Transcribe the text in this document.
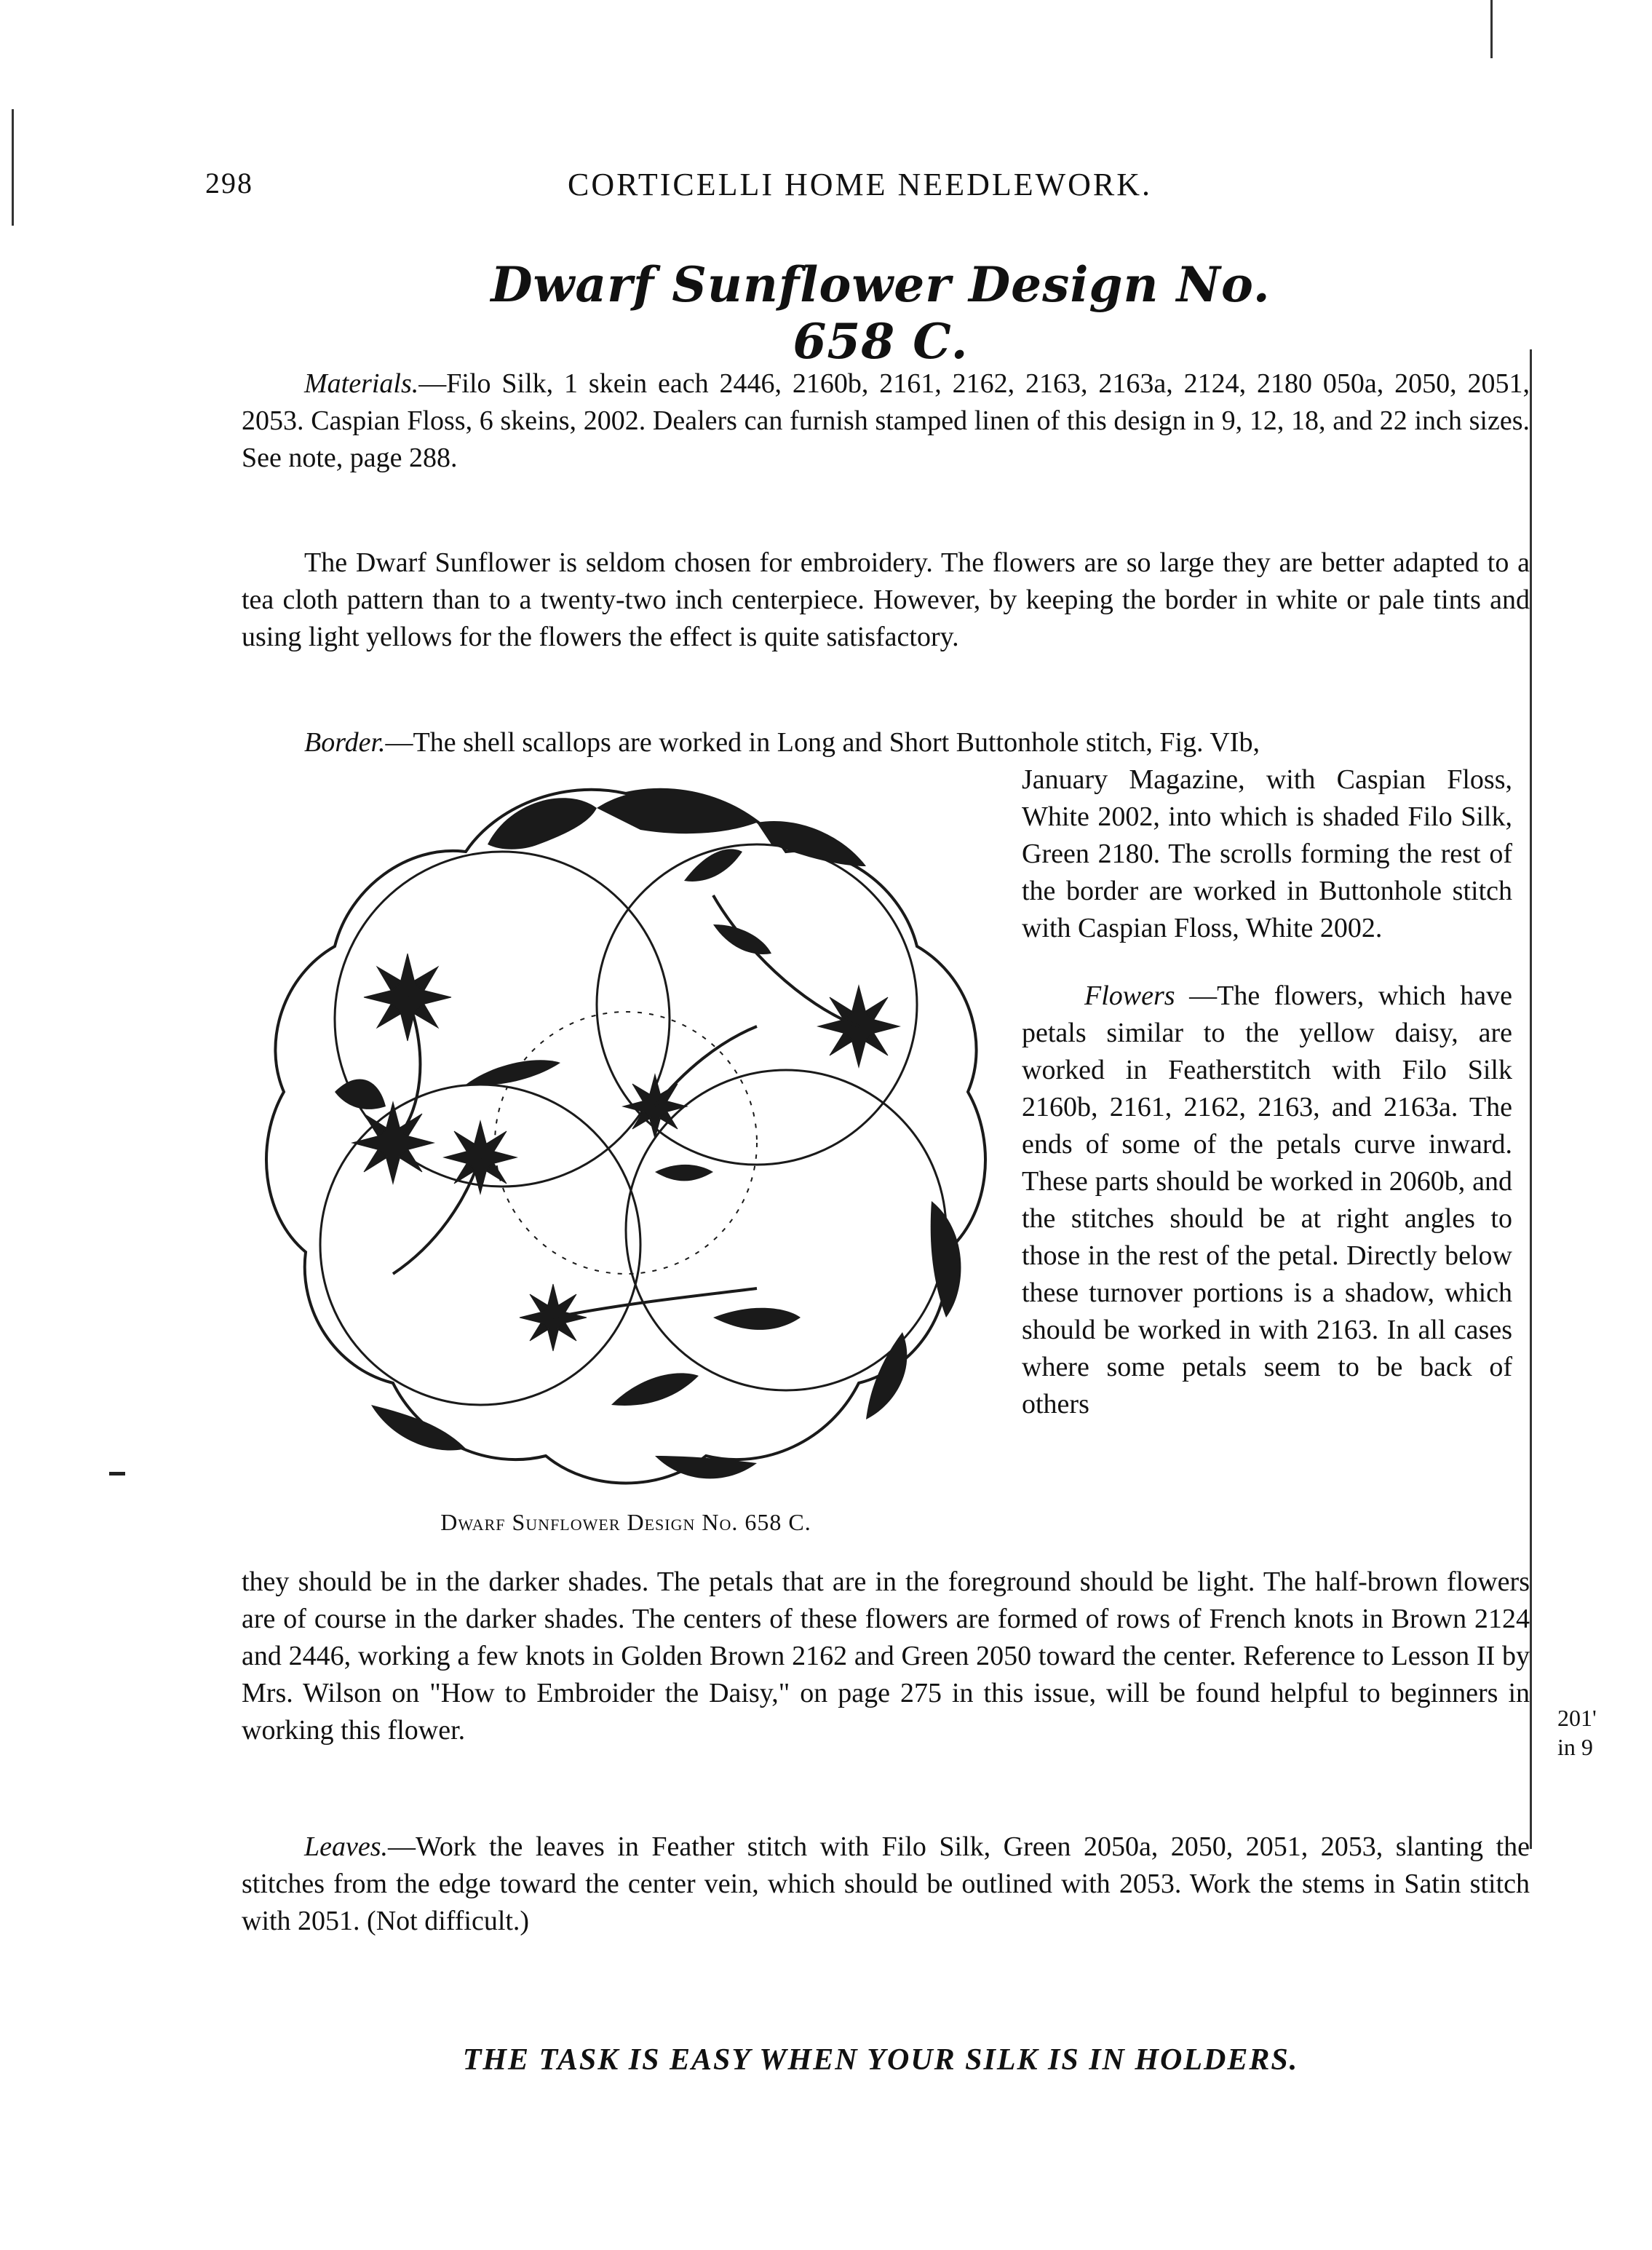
298	CORTICELLI HOME NEEDLEWORK.
Dwarf Sunflower Design No. 658 C.
Materials.—Filo Silk, 1 skein each 2446, 2160b, 2161, 2162, 2163, 2163a, 2124, 2180 050a, 2050, 2051, 2053. Caspian Floss, 6 skeins, 2002. Dealers can furnish stamped linen of this design in 9, 12, 18, and 22 inch sizes. See note, page 288.
The Dwarf Sunflower is seldom chosen for embroidery. The flowers are so large they are better adapted to a tea cloth pattern than to a twenty-two inch centerpiece. However, by keeping the border in white or pale tints and using light yellows for the flowers the effect is quite satisfactory.
Border.—The shell scallops are worked in Long and Short Buttonhole stitch, Fig. VIb,
Dwarf Sunflower Design No. 658 C.

January Magazine, with Caspian Floss, White 2002, into which is shaded Filo Silk, Green 2180. The scrolls forming the rest of the border are worked in Buttonhole stitch with Caspian Floss, White 2002.

Flowers —The flowers, which have petals similar to the yellow daisy, are worked in Featherstitch with Filo Silk 2160b, 2161, 2162, 2163, and 2163a. The ends of some of the petals curve inward. These parts should be worked in 2060b, and the stitches should be at right angles to those in the rest of the petal. Directly below these turnover portions is a shadow, which should be worked in with 2163. In all cases where some petals seem to be back of others

they should be in the darker shades. The petals that are in the foreground should be light. The half-brown flowers are of course in the darker shades. The centers of these flowers are formed of rows of French knots in Brown 2124 and 2446, working a few knots in Golden Brown 2162 and Green 2050 toward the center. Reference to Lesson II by Mrs. Wilson on "How to Embroider the Daisy," on page 275 in this issue, will be found helpful to beginners in working this flower.
Leaves.—Work the leaves in Feather stitch with Filo Silk, Green 2050a, 2050, 2051, 2053, slanting the stitches from the edge toward the center vein, which should be outlined with 2053. Work the stems in Satin stitch with 2051. (Not difficult.)
THE TASK IS EASY WHEN YOUR SILK IS IN HOLDERS.
201'
in 9
